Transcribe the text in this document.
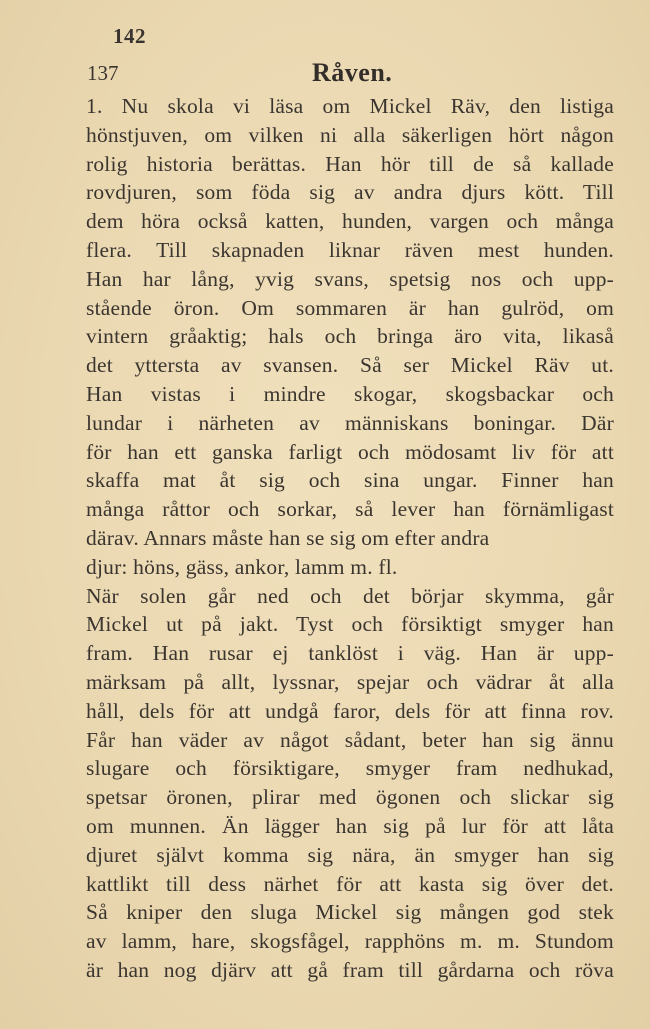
142
137	Råven.
1. Nu skola vi läsa om Mickel Räv, den listiga
hönstjuven, om vilken ni alla säkerligen hört någon
rolig historia berättas. Han hör till de så kallade
rovdjuren, som föda sig av andra djurs kött. Till
dem höra också katten, hunden, vargen och många
flera. Till skapnaden liknar räven mest hunden.
Han har lång, yvig svans, spetsig nos och upp-
stående öron. Om sommaren är han gulröd, om
vintern gråaktig; hals och bringa äro vita, likaså
det yttersta av svansen. Så ser Mickel Räv ut.
Han vistas i mindre skogar, skogsbackar och
lundar i närheten av människans boningar. Där
för han ett ganska farligt och mödosamt liv för att
skaffa mat åt sig och sina ungar. Finner han
många råttor och sorkar, så lever han förnämligast
därav. Annars måste han se sig om efter andra
djur: höns, gäss, ankor, lamm m. fl.
När solen går ned och det börjar skymma, går
Mickel ut på jakt. Tyst och försiktigt smyger han
fram. Han rusar ej tanklöst i väg. Han är upp-
märksam på allt, lyssnar, spejar och vädrar åt alla
håll, dels för att undgå faror, dels för att finna rov.
Får han väder av något sådant, beter han sig ännu
slugare och försiktigare, smyger fram nedhukad,
spetsar öronen, plirar med ögonen och slickar sig
om munnen. Än lägger han sig på lur för att låta
djuret självt komma sig nära, än smyger han sig
kattlikt till dess närhet för att kasta sig över det.
Så kniper den sluga Mickel sig mången god stek
av lamm, hare, skogsfågel, rapphöns m. m. Stundom
är han nog djärv att gå fram till gårdarna och röva
